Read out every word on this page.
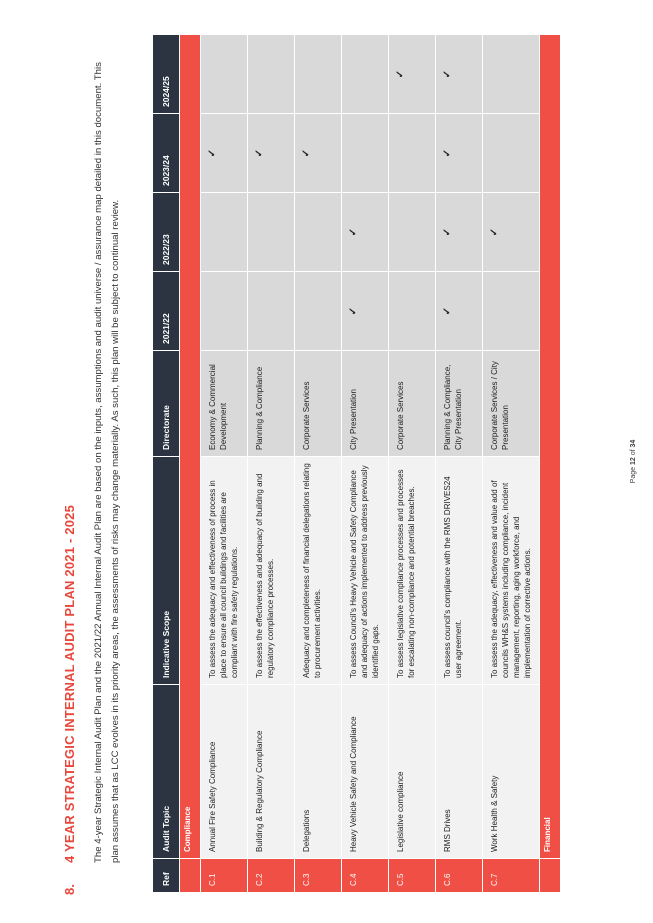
8.4 YEAR STRATEGIC INTERNAL AUDIT PLAN 2021 - 2025	The 4-year Strategic Internal Audit Plan and the 2021/22 Annual Internal Audit Plan are based on the inputs, assumptions and audit universe / assurance map detailed in this document. This plan assumes that as LCC evolves in its priority areas, the assessments of risks may change materially. As such, this plan will be subject to continual review.
Ref	Audit Topic	Indicative Scope	Directorate	2021/22	2022/23	2023/24	2024/25
	Compliance						
C.1	Annual Fire Safety Compliance	To assess the adequacy and effectiveness of process in place to ensure all council buildings and facilities are compliant with fire safety regulations.	Economy & Commercial Development			✓	
C.2	Building & Regulatory Compliance	To assess the effectiveness and adequacy of building and regulatory compliance processes.	Planning & Compliance			✓	
C.3	Delegations	Adequacy and completeness of financial delegations relating to procurement activities.	Corporate Services			✓	
C.4	Heavy Vehicle Safety and Compliance	To assess Council's Heavy Vehicle and Safety Compliance and adequacy of actions implemented to address previously identified gaps.	City Presentation	✓	✓		
C.5	Legislative compliance	To assess legislative compliance processes and processes for escalating non-compliance and potential breaches.	Corporate Services				✓
C.6	RMS Drives	To assess council's compliance with the RMS DRIVES24 user agreement.	Planning & Compliance, City Presentation	✓	✓	✓	✓
C.7	Work Health & Safety	To assess the adequacy, effectiveness and value add of councils WH&S systems including compliance, incident management, reporting, aging workforce, and implementation of corrective actions.	Corporate Services / City Presentation		✓		
	Financial						
Page 12 of 34
